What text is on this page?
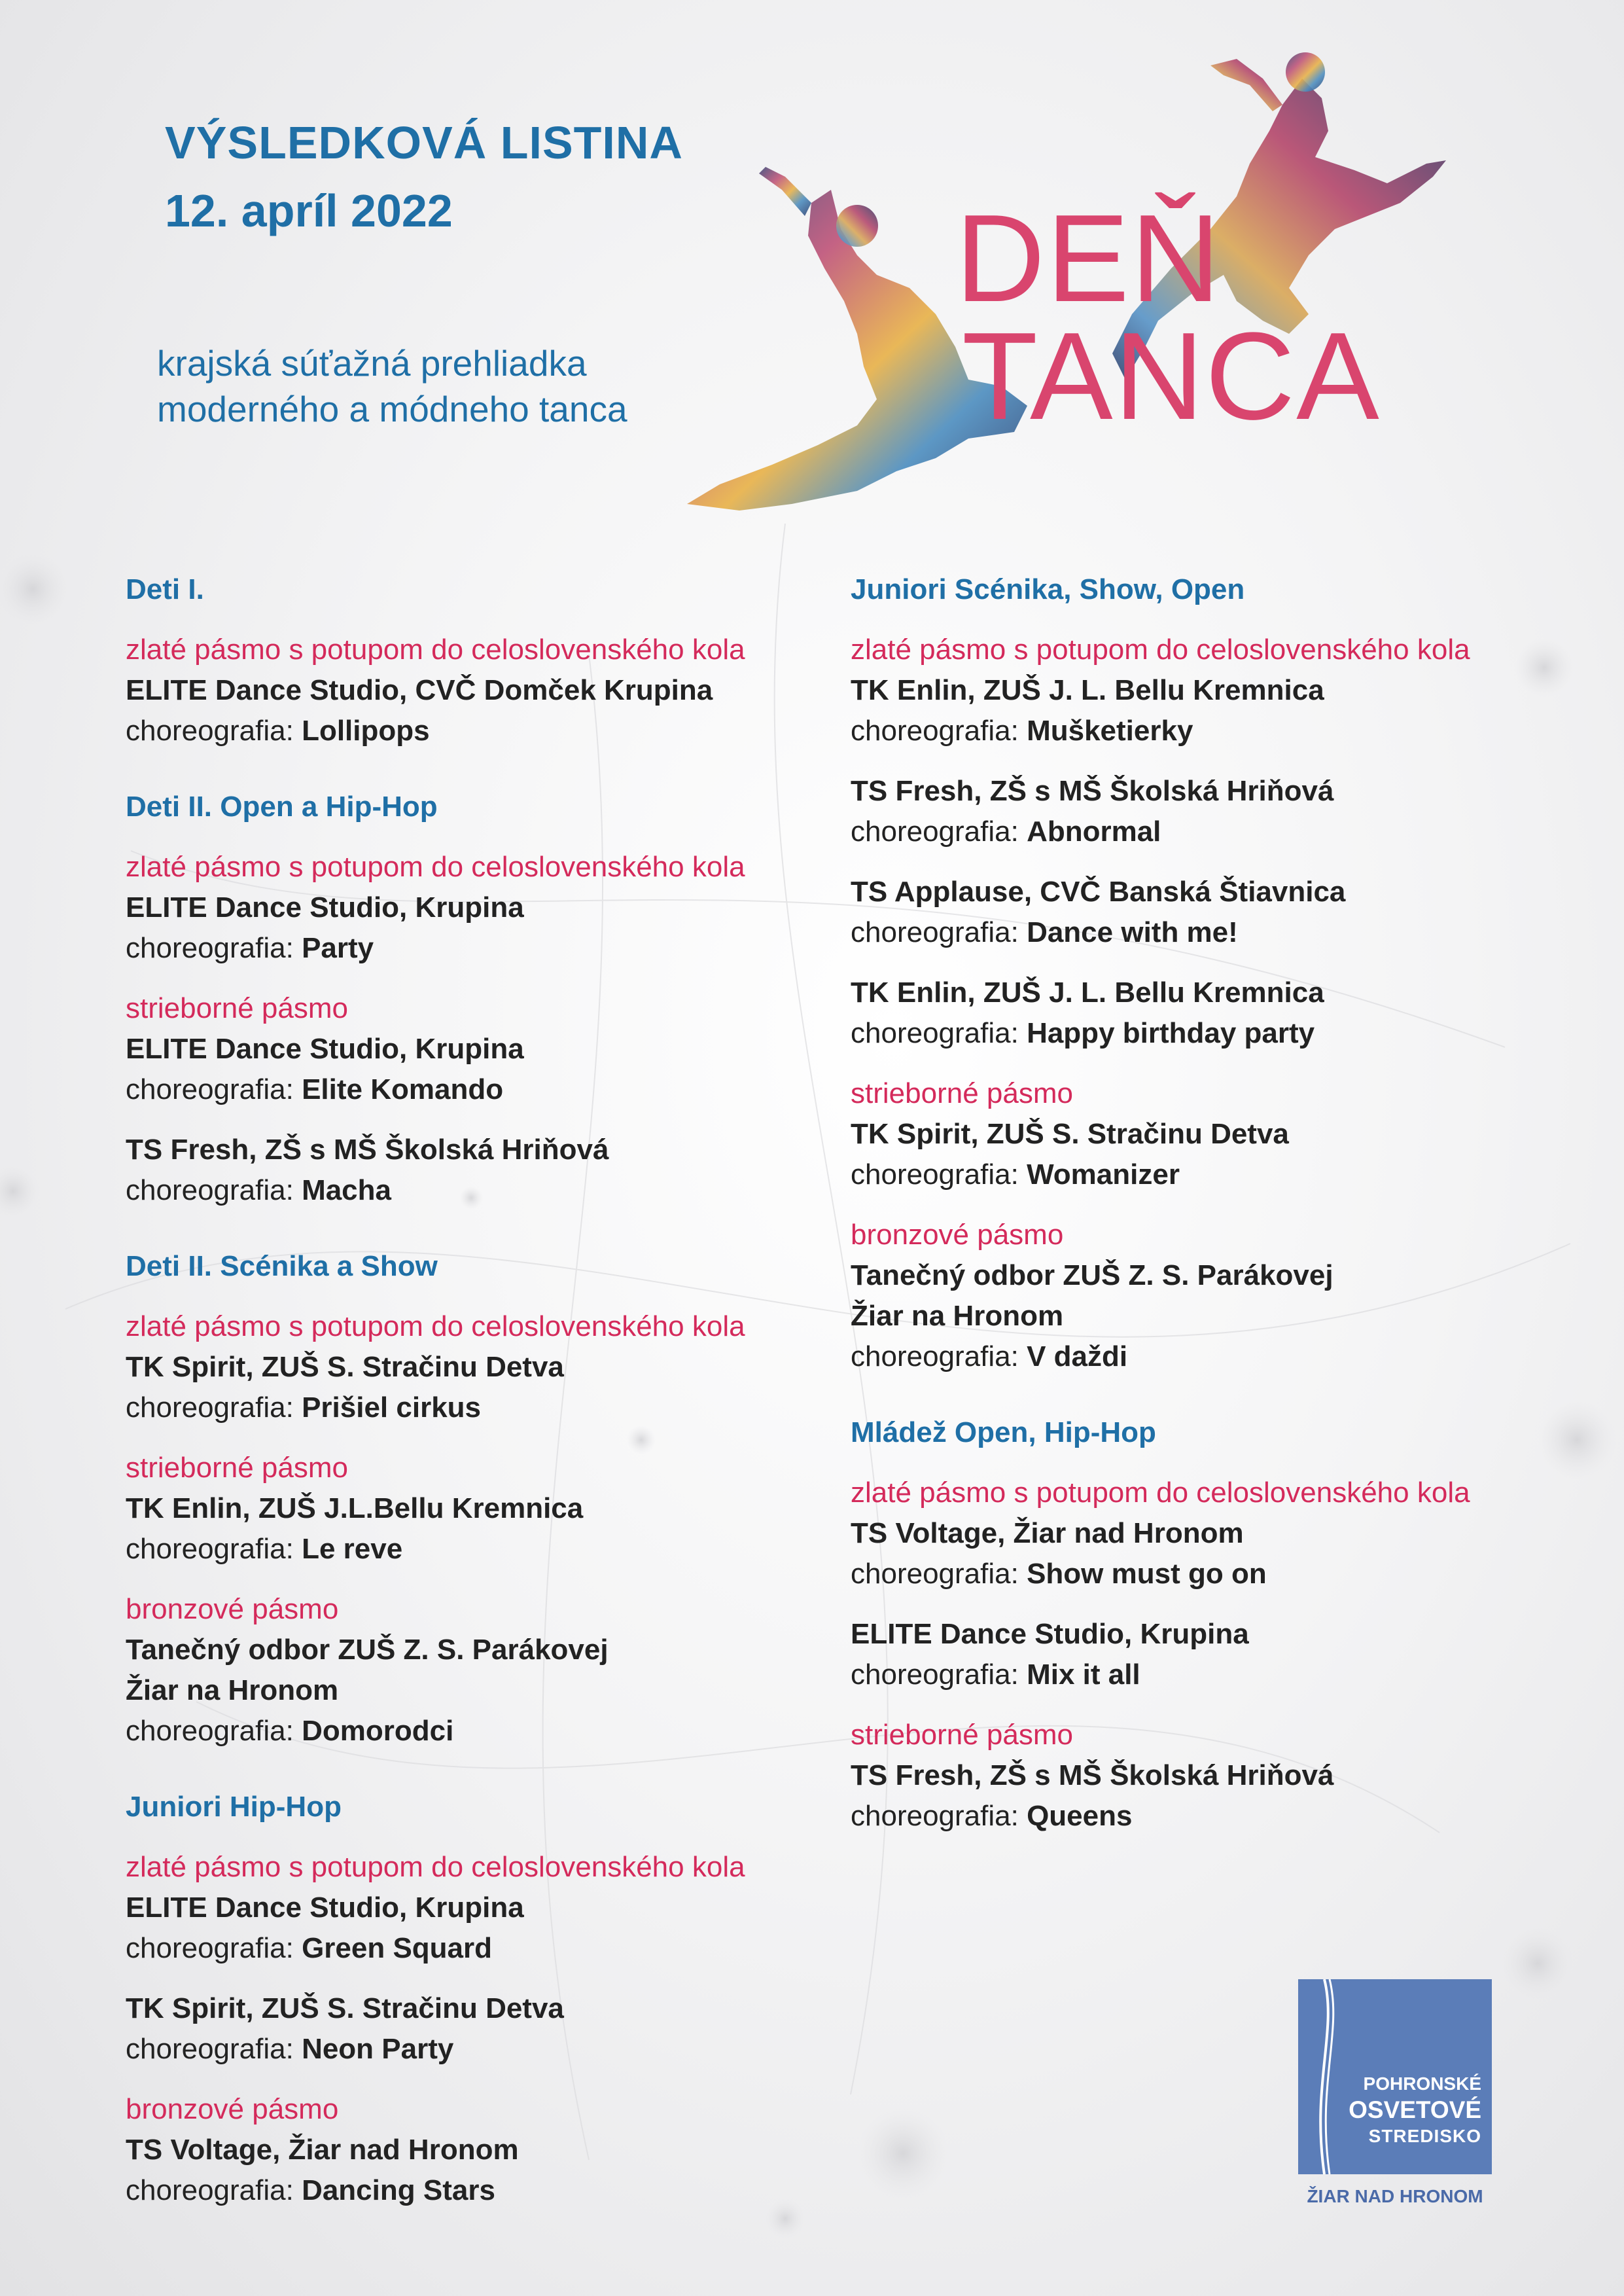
VÝSLEDKOVÁ LISTINA
12. apríl 2022
krajská súťažná prehliadka
moderného a módneho tanca
DEŇ
TANCA
Deti I.
zlaté pásmo s potupom do celoslovenského kola
ELITE Dance Studio, CVČ Domček Krupina
choreografia: Lollipops
Deti II. Open a Hip-Hop
zlaté pásmo s potupom do celoslovenského kola
ELITE Dance Studio, Krupina
choreografia: Party
strieborné pásmo
ELITE Dance Studio, Krupina
choreografia: Elite Komando
TS Fresh, ZŠ s MŠ Školská Hriňová
choreografia: Macha
Deti II. Scénika a Show
zlaté pásmo s potupom do celoslovenského kola
TK Spirit, ZUŠ S. Stračinu Detva
choreografia: Prišiel cirkus
strieborné pásmo
TK Enlin, ZUŠ J.L.Bellu Kremnica
choreografia: Le reve
bronzové pásmo
Tanečný odbor ZUŠ Z. S. Parákovej
Žiar na Hronom
choreografia: Domorodci
Juniori Hip-Hop
zlaté pásmo s potupom do celoslovenského kola
ELITE Dance Studio, Krupina
choreografia: Green Squard
TK Spirit, ZUŠ S. Stračinu Detva
choreografia: Neon Party
bronzové pásmo
TS Voltage, Žiar nad Hronom
choreografia: Dancing Stars
Juniori Scénika, Show, Open
zlaté pásmo s potupom do celoslovenského kola
TK Enlin, ZUŠ J. L. Bellu Kremnica
choreografia: Mušketierky
TS Fresh, ZŠ s MŠ Školská Hriňová
choreografia: Abnormal
TS Applause, CVČ Banská Štiavnica
choreografia: Dance with me!
TK Enlin, ZUŠ J. L. Bellu Kremnica
choreografia: Happy birthday party
strieborné pásmo
TK Spirit, ZUŠ S. Stračinu Detva
choreografia: Womanizer
bronzové pásmo
Tanečný odbor ZUŠ Z. S. Parákovej
Žiar na Hronom
choreografia: V daždi
Mládež Open, Hip-Hop
zlaté pásmo s potupom do celoslovenského kola
TS Voltage, Žiar nad Hronom
choreografia: Show must go on
ELITE Dance Studio, Krupina
choreografia: Mix it all
strieborné pásmo
TS Fresh, ZŠ s MŠ Školská Hriňová
choreografia: Queens
POHRONSKÉ
OSVETOVÉ
STREDISKO
ŽIAR NAD HRONOM
